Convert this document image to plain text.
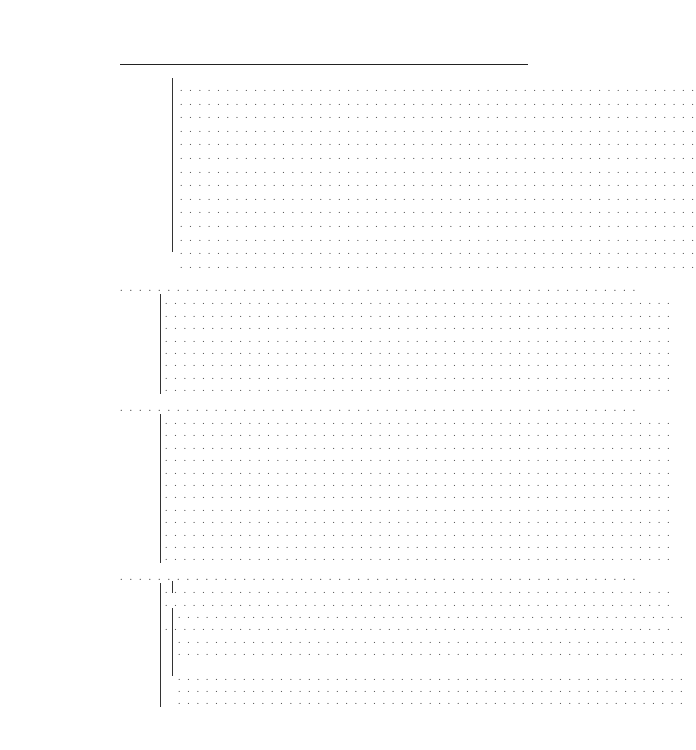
. . . . . . . . . . . . . . . . . . . . . . . . . . . . . . . . . . . . . . . . . . . . . . . . . . . . . . . .
. . . . . . . . . . . . . . . . . . . . . . . . . . . . . . . . . . . . . . . . . . . . . . . . . . . . . . . .
. . . . . . . . . . . . . . . . . . . . . . . . . . . . . . . . . . . . . . . . . . . . . . . . . . . . . . . .
. . . . . . . . . . . . . . . . . . . . . . . . . . . . . . . . . . . . . . . . . . . . . . . . . . . . . . . .
. . . . . . . . . . . . . . . . . . . . . . . . . . . . . . . . . . . . . . . . . . . . . . . . . . . . . . . .
. . . . . . . . . . . . . . . . . . . . . . . . . . . . . . . . . . . . . . . . . . . . . . . . . . . . . . . .
. . . . . . . . . . . . . . . . . . . . . . . . . . . . . . . . . . . . . . . . . . . . . . . . . . . . . . . .
. . . . . . . . . . . . . . . . . . . . . . . . . . . . . . . . . . . . . . . . . . . . . . . . . . . . . . . .
. . . . . . . . . . . . . . . . . . . . . . . . . . . . . . . . . . . . . . . . . . . . . . . . . . . . . . . .
. . . . . . . . . . . . . . . . . . . . . . . . . . . . . . . . . . . . . . . . . . . . . . . . . . . . . . . .
. . . . . . . . . . . . . . . . . . . . . . . . . . . . . . . . . . . . . . . . . . . . . . . . . . . . . . . .
. . . . . . . . . . . . . . . . . . . . . . . . . . . . . . . . . . . . . . . . . . . . . . . . . . . . . . . .
. . . . . . . . . . . . . . . . . . . . . . . . . . . . . . . . . . . . . . . . . . . . . . . . . . . . . . . .
. . . . . . . . . . . . . . . . . . . . . . . . . . . . . . . . . . . . . . . . . . . . . . . . . . . . . . . .
. . . . . . . . . . . . . . . . . . . . . . . . . . . . . . . . . . . . . . . . . . . . . . . . . . . . . . .
. . . . . . . . . . . . . . . . . . . . . . . . . . . . . . . . . . . . . . . . . . . . . . . . . . . . . . .
. . . . . . . . . . . . . . . . . . . . . . . . . . . . . . . . . . . . . . . . . . . . . . . . . . . . . . .
. . . . . . . . . . . . . . . . . . . . . . . . . . . . . . . . . . . . . . . . . . . . . . . . . . . . . . .
. . . . . . . . . . . . . . . . . . . . . . . . . . . . . . . . . . . . . . . . . . . . . . . . . . . . . . .
. . . . . . . . . . . . . . . . . . . . . . . . . . . . . . . . . . . . . . . . . . . . . . . . . . . . . . .
. . . . . . . . . . . . . . . . . . . . . . . . . . . . . . . . . . . . . . . . . . . . . . . . . . . . . . .
. . . . . . . . . . . . . . . . . . . . . . . . . . . . . . . . . . . . . . . . . . . . . . . . . . . . . . .
. . . . . . . . . . . . . . . . . . . . . . . . . . . . . . . . . . . . . . . . . . . . . . . . . . . . . . .
. . . . . . . . . . . . . . . . . . . . . . . . . . . . . . . . . . . . . . . . . . . . . . . . . . . . . . .
. . . . . . . . . . . . . . . . . . . . . . . . . . . . . . . . . . . . . . . . . . . . . . . . . . . . . . .
. . . . . . . . . . . . . . . . . . . . . . . . . . . . . . . . . . . . . . . . . . . . . . . . . . . . . . .
. . . . . . . . . . . . . . . . . . . . . . . . . . . . . . . . . . . . . . . . . . . . . . . . . . . . . . .
. . . . . . . . . . . . . . . . . . . . . . . . . . . . . . . . . . . . . . . . . . . . . . . . . . . . . . .
. . . . . . . . . . . . . . . . . . . . . . . . . . . . . . . . . . . . . . . . . . . . . . . . . . . . . . .
. . . . . . . . . . . . . . . . . . . . . . . . . . . . . . . . . . . . . . . . . . . . . . . . . . . . . . .
. . . . . . . . . . . . . . . . . . . . . . . . . . . . . . . . . . . . . . . . . . . . . . . . . . . . . . .
. . . . . . . . . . . . . . . . . . . . . . . . . . . . . . . . . . . . . . . . . . . . . . . . . . . . . . .
. . . . . . . . . . . . . . . . . . . . . . . . . . . . . . . . . . . . . . . . . . . . . . . . . . . . . . .
. . . . . . . . . . . . . . . . . . . . . . . . . . . . . . . . . . . . . . . . . . . . . . . . . . . . . . .
. . . . . . . . . . . . . . . . . . . . . . . . . . . . . . . . . . . . . . . . . . . . . . . . . . . . . . .
. . . . . . . . . . . . . . . . . . . . . . . . . . . . . . . . . . . . . . . . . . . . . . . . . . . . . . .
. . . . . . . . . . . . . . . . . . . . . . . . . . . . . . . . . . . . . . . . . . . . . . . . . . . . . . .
. . . . . . . . . . . . . . . . . . . . . . . . . . . . . . . . . . . . . . . . . . . . . . . . . . . . . . .
. . . . . . . . . . . . . . . . . . . . . . . . . . . . . . . . . . . . . . . . . . . . . . . . . . . . . . .
. . . . . . . . . . . . . . . . . . . . . . . . . . . . . . . . . . . . . . . . . . . . . . . . . . . . . . .
. . . . . . . . . . . . . . . . . . . . . . . . . . . . . . . . . . . . . . . . . . . . . . . . . . . . . . .
. . . . . . . . . . . . . . . . . . . . . . . . . . . . . . . . . . . . . . . . . . . . . . . . . . . . . . .
. . . . . . . . . . . . . . . . . . . . . . . . . . . . . . . . . . . . . . . . . . . . . . . . . . . . . . .
. . . . . . . . . . . . . . . . . . . . . . . . . . . . . . . . . . . . . . . . . . . . . . . . . . . . . . .
. . . . . . . . . . . . . . . . . . . . . . . . . . . . . . . . . . . . . . . . . . . . . . . . . . . . . . .
. . . . . . . . . . . . . . . . . . . . . . . . . . . . . . . . . . . . . . . . . . . . . . . . . . . . . . .
